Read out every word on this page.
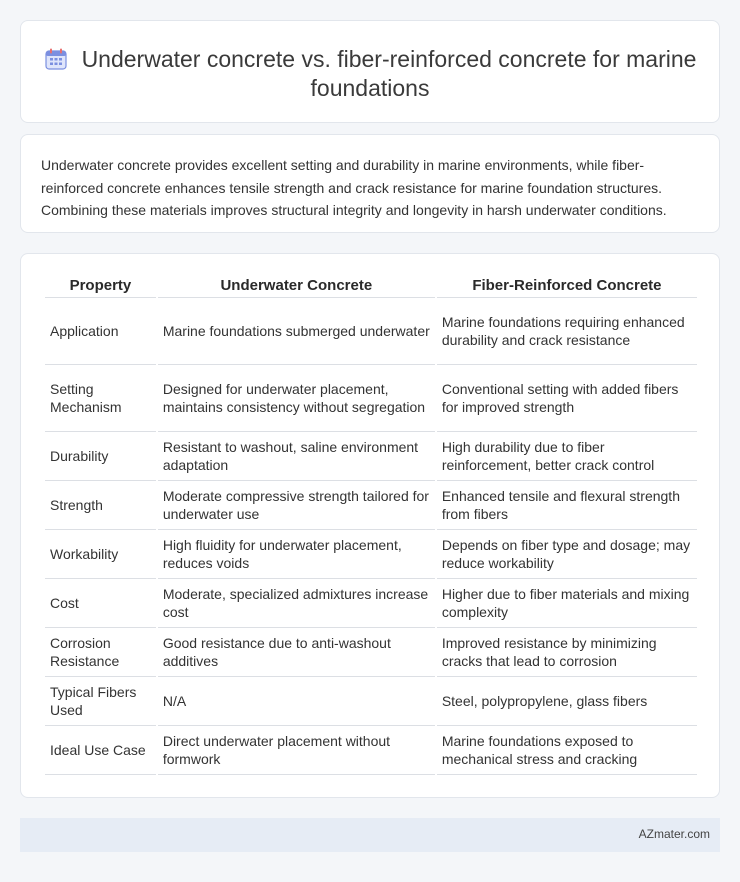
Underwater concrete vs. fiber-reinforced concrete for marine foundations

Underwater concrete provides excellent setting and durability in marine environments, while fiber-reinforced concrete enhances tensile strength and crack resistance for marine foundation structures. Combining these materials improves structural integrity and longevity in harsh underwater conditions.

Property	Underwater Concrete	Fiber-Reinforced Concrete
Application	Marine foundations submerged underwater	Marine foundations requiring enhanced durability and crack resistance
Setting Mechanism	Designed for underwater placement, maintains consistency without segregation	Conventional setting with added fibers for improved strength
Durability	Resistant to washout, saline environment adaptation	High durability due to fiber reinforcement, better crack control
Strength	Moderate compressive strength tailored for underwater use	Enhanced tensile and flexural strength from fibers
Workability	High fluidity for underwater placement, reduces voids	Depends on fiber type and dosage; may reduce workability
Cost	Moderate, specialized admixtures increase cost	Higher due to fiber materials and mixing complexity
Corrosion Resistance	Good resistance due to anti-washout additives	Improved resistance by minimizing cracks that lead to corrosion
Typical Fibers Used	N/A	Steel, polypropylene, glass fibers
Ideal Use Case	Direct underwater placement without formwork	Marine foundations exposed to mechanical stress and cracking
AZmater.com
